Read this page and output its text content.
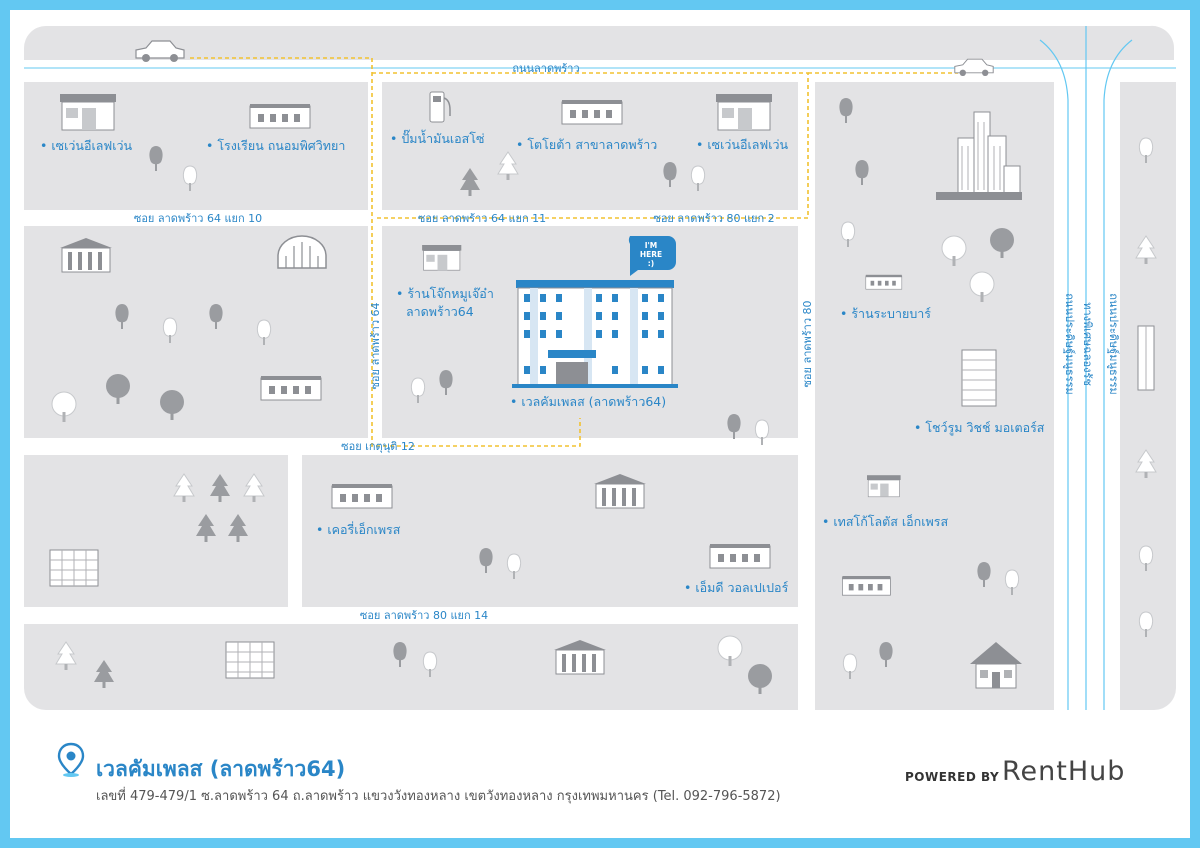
ถนนลาดพร้าว
ซอย ลาดพร้าว 64 แยก 10	ซอย ลาดพร้าว 64 แยก 11	ซอย ลาดพร้าว 80 แยก 2
ซอย เกตุนุติ 12
ซอย ลาดพร้าว 80 แยก 14
ซอย ลาดพร้าว 64	ซอย ลาดพร้าว 80	ถนนประดิษฐ์มนูธรรม ทางพิเศษฉลองรัช ถนนประดิษฐ์มนูธรรม
• เซเว่นอีเลฟเว่น	• โรงเรียน ถนอมพิศวิทยา	• ปั๊มน้ำมันเอสโซ่	• โตโยต้า สาขาลาดพร้าว	• เซเว่นอีเลฟเว่น
• ร้านโจ๊กหมูเจ๊อ๋า
ลาดพร้าว64
I'M
HERE
:)
• เวลคัมเพลส (ลาดพร้าว64)
• เคอรี่เอ็กเพรส
• เอ็มดี วอลเปเปอร์
• ร้านระบายบาร์
• โชว์รูม วิชช์ มอเตอร์ส
• เทสโก้โลตัส เอ็กเพรส
เวลคัมเพลส (ลาดพร้าว64)
เลขที่ 479-479/1 ซ.ลาดพร้าว 64 ถ.ลาดพร้าว แขวงวังทองหลาง เขตวังทองหลาง กรุงเทพมหานคร (Tel. 092-796-5872)
POWERED BY RentHub
